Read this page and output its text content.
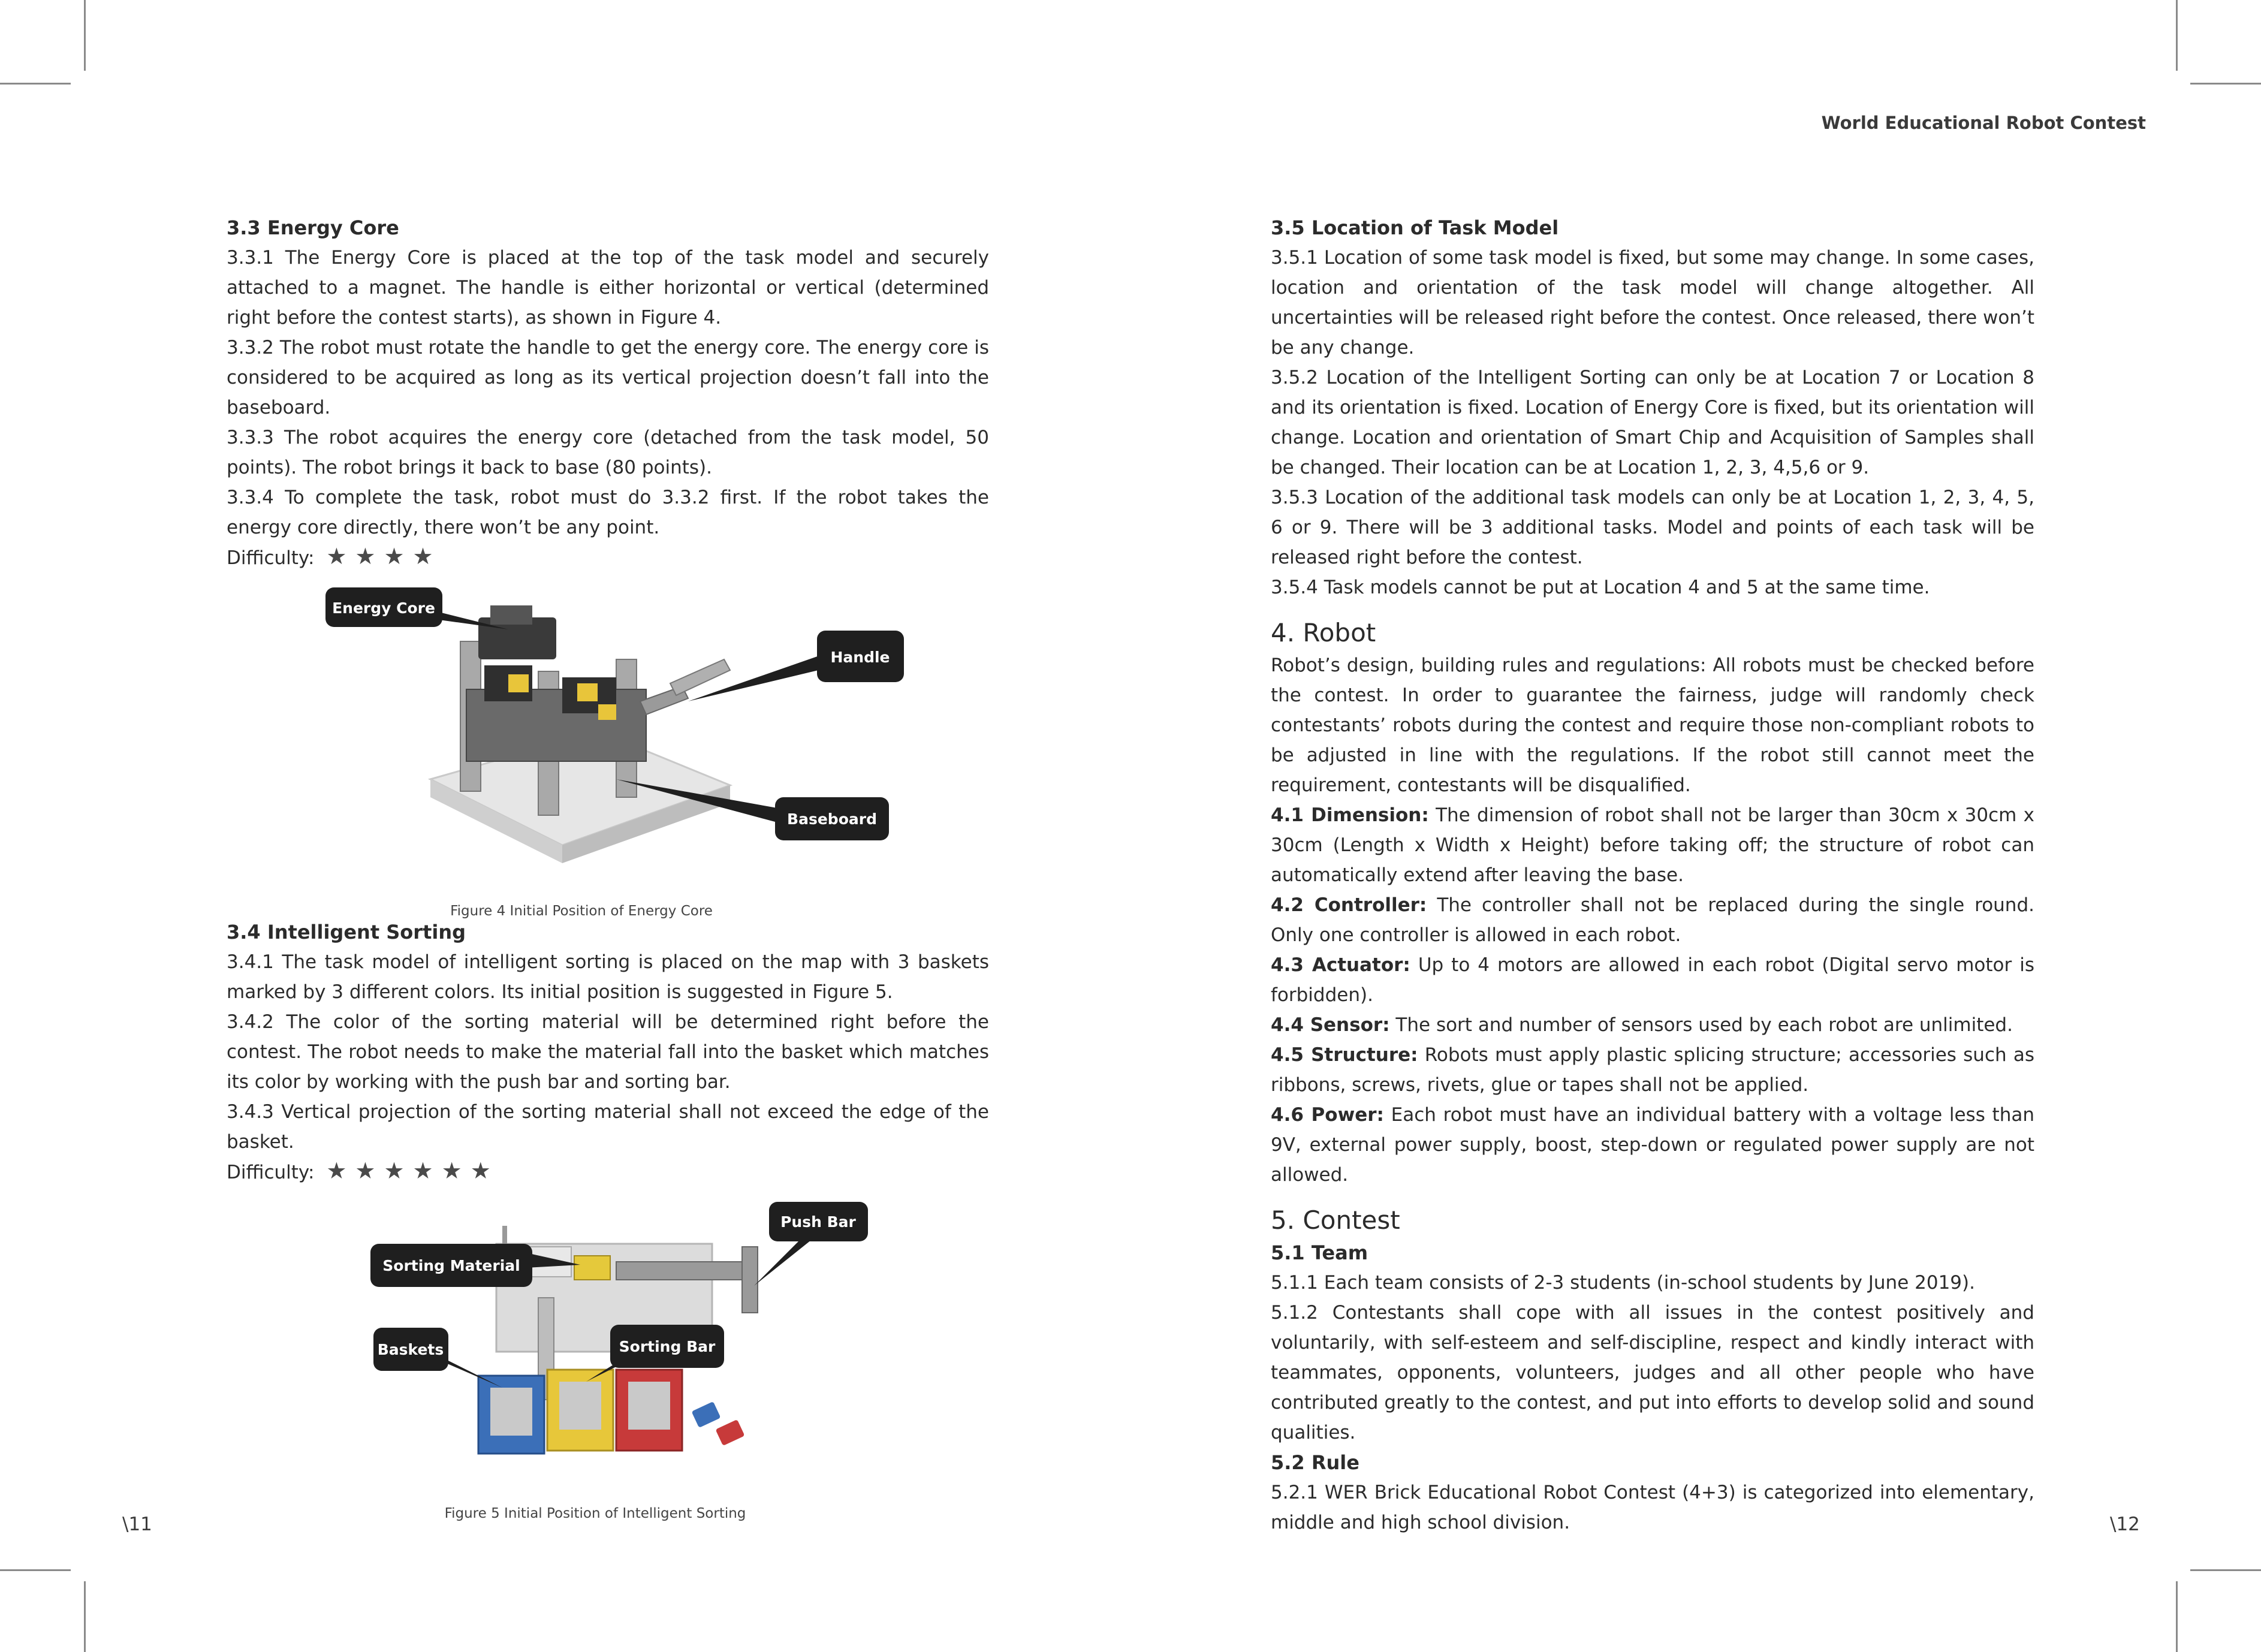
World Educational Robot Contest
\11	\12
3.3 Energy Core
3.3.1 The Energy Core is placed at the top of the task model and securely attached to a magnet. The handle is either horizontal or vertical (determined right before the contest starts), as shown in Figure 4.
3.3.2 The robot must rotate the handle to get the energy core. The energy core is considered to be acquired as long as its vertical projection doesn’t fall into the baseboard.
3.3.3 The robot acquires the energy core (detached from the task model, 50 points). The robot brings it back to base (80 points).
3.3.4 To complete the task, robot must do 3.3.2 first. If the robot takes the energy core directly, there won’t be any point.
Difficulty: ★ ★ ★ ★
Energy Core
Handle
Baseboard
Figure 4 Initial Position of Energy Core
3.4 Intelligent Sorting
3.4.1 The task model of intelligent sorting is placed on the map with 3 baskets marked by 3 different colors. Its initial position is suggested in Figure 5.
3.4.2 The color of the sorting material will be determined right before the contest. The robot needs to make the material fall into the basket which matches its color by working with the push bar and sorting bar.
3.4.3 Vertical projection of the sorting material shall not exceed the edge of the basket.
Difficulty: ★ ★ ★ ★ ★ ★
Sorting Material
Push Bar
Baskets	Sorting Bar
Figure 5 Initial Position of Intelligent Sorting
3.5 Location of Task Model
3.5.1 Location of some task model is fixed, but some may change. In some cases, location and orientation of the task model will change altogether. All uncertainties will be released right before the contest. Once released, there won’t be any change.
3.5.2 Location of the Intelligent Sorting can only be at Location 7 or Location 8 and its orientation is fixed. Location of Energy Core is fixed, but its orientation will change. Location and orientation of Smart Chip and Acquisition of Samples shall be changed. Their location can be at Location 1, 2, 3, 4,5,6 or 9.
3.5.3 Location of the additional task models can only be at Location 1, 2, 3, 4, 5, 6 or 9. There will be 3 additional tasks. Model and points of each task will be released right before the contest.
3.5.4 Task models cannot be put at Location 4 and 5 at the same time.
4. Robot
Robot’s design, building rules and regulations: All robots must be checked before the contest. In order to guarantee the fairness, judge will randomly check contestants’ robots during the contest and require those non-compliant robots to be adjusted in line with the regulations. If the robot still cannot meet the requirement, contestants will be disqualified.
4.1 Dimension: The dimension of robot shall not be larger than 30cm x 30cm x 30cm (Length x Width x Height) before taking off; the structure of robot can automatically extend after leaving the base.
4.2 Controller: The controller shall not be replaced during the single round. Only one controller is allowed in each robot.
4.3 Actuator: Up to 4 motors are allowed in each robot (Digital servo motor is forbidden).
4.4 Sensor: The sort and number of sensors used by each robot are unlimited.
4.5 Structure: Robots must apply plastic splicing structure; accessories such as ribbons, screws, rivets, glue or tapes shall not be applied.
4.6 Power: Each robot must have an individual battery with a voltage less than 9V, external power supply, boost, step-down or regulated power supply are not allowed.
5. Contest
5.1 Team
5.1.1 Each team consists of 2-3 students (in-school students by June 2019).
5.1.2 Contestants shall cope with all issues in the contest positively and voluntarily, with self-esteem and self-discipline, respect and kindly interact with teammates, opponents, volunteers, judges and all other people who have contributed greatly to the contest, and put into efforts to develop solid and sound qualities.
5.2 Rule
5.2.1 WER Brick Educational Robot Contest (4+3) is categorized into elementary, middle and high school division.
